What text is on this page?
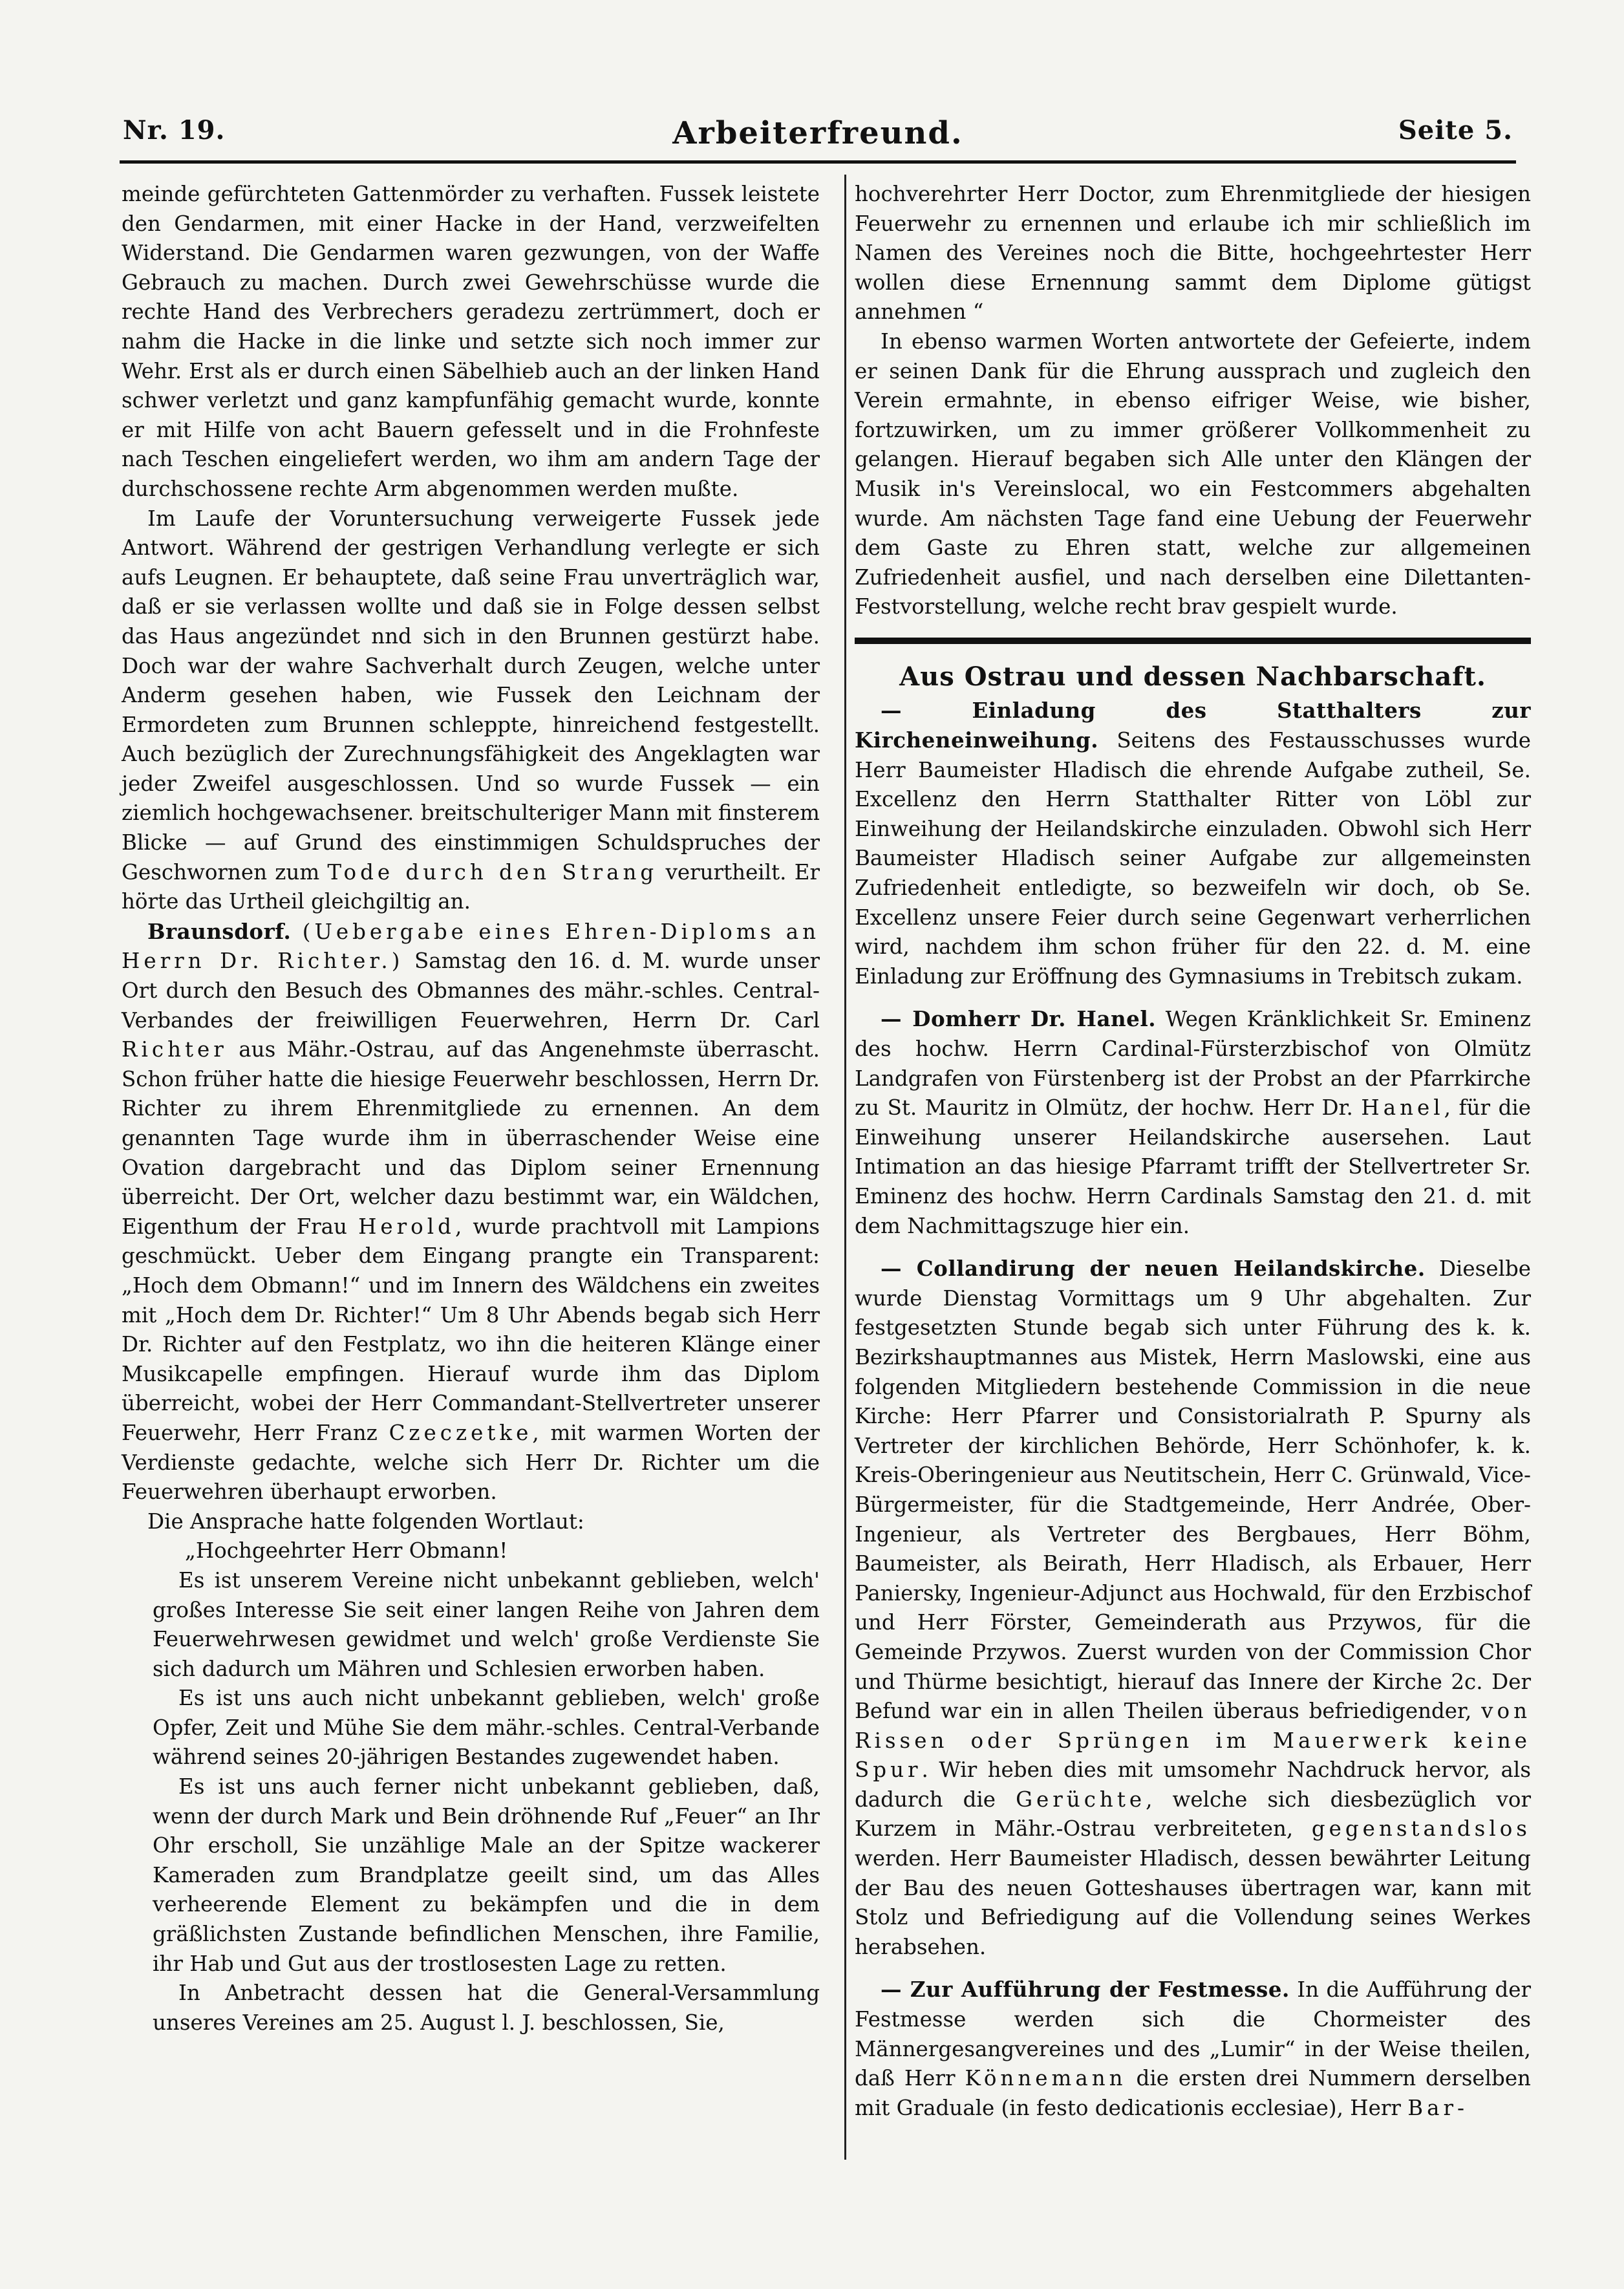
Nr. 19.	Arbeiterfreund.	Seite 5.

meinde gefürchteten Gattenmörder zu verhaften. Fussek leistete den Gendarmen, mit einer Hacke in der Hand, verzweifelten Widerstand. Die Gendarmen waren gezwungen, von der Waffe Gebrauch zu machen. Durch zwei Gewehrschüsse wurde die rechte Hand des Verbrechers geradezu zertrümmert, doch er nahm die Hacke in die linke und setzte sich noch immer zur Wehr. Erst als er durch einen Säbelhieb auch an der linken Hand schwer verletzt und ganz kampfunfähig gemacht wurde, konnte er mit Hilfe von acht Bauern gefesselt und in die Frohnfeste nach Teschen eingeliefert werden, wo ihm am andern Tage der durchschossene rechte Arm abgenommen werden mußte.

Im Laufe der Voruntersuchung verweigerte Fussek jede Antwort. Während der gestrigen Verhandlung verlegte er sich aufs Leugnen. Er behauptete, daß seine Frau unverträglich war, daß er sie verlassen wollte und daß sie in Folge dessen selbst das Haus angezündet nnd sich in den Brunnen gestürzt habe. Doch war der wahre Sachverhalt durch Zeugen, welche unter Anderm gesehen haben, wie Fussek den Leichnam der Ermordeten zum Brunnen schleppte, hinreichend festgestellt. Auch bezüglich der Zurechnungsfähigkeit des Angeklagten war jeder Zweifel ausgeschlossen. Und so wurde Fussek — ein ziemlich hochgewachsener. breitschulteriger Mann mit finsterem Blicke — auf Grund des einstimmigen Schuldspruches der Geschwornen zum Tode durch den Strang verurtheilt. Er hörte das Urtheil gleichgiltig an.

Braunsdorf. (Uebergabe eines Ehren-Diploms an Herrn Dr. Richter.) Samstag den 16. d. M. wurde unser Ort durch den Besuch des Obmannes des mähr.-schles. Central-Verbandes der freiwilligen Feuerwehren, Herrn Dr. Carl Richter aus Mähr.-Ostrau, auf das Angenehmste überrascht. Schon früher hatte die hiesige Feuerwehr beschlossen, Herrn Dr. Richter zu ihrem Ehrenmitgliede zu ernennen. An dem genannten Tage wurde ihm in überraschender Weise eine Ovation dargebracht und das Diplom seiner Ernennung überreicht. Der Ort, welcher dazu bestimmt war, ein Wäldchen, Eigenthum der Frau Herold, wurde prachtvoll mit Lampions geschmückt. Ueber dem Eingang prangte ein Transparent: „Hoch dem Obmann!“ und im Innern des Wäldchens ein zweites mit „Hoch dem Dr. Richter!“ Um 8 Uhr Abends begab sich Herr Dr. Richter auf den Festplatz, wo ihn die heiteren Klänge einer Musikcapelle empfingen. Hierauf wurde ihm das Diplom überreicht, wobei der Herr Commandant-Stellvertreter unserer Feuerwehr, Herr Franz Czeczetke, mit warmen Worten der Verdienste gedachte, welche sich Herr Dr. Richter um die Feuerwehren überhaupt erworben.

Die Ansprache hatte folgenden Wortlaut:

„Hochgeehrter Herr Obmann!

Es ist unserem Vereine nicht unbekannt geblieben, welch' großes Interesse Sie seit einer langen Reihe von Jahren dem Feuerwehrwesen gewidmet und welch' große Verdienste Sie sich dadurch um Mähren und Schlesien erworben haben.

Es ist uns auch nicht unbekannt geblieben, welch' große Opfer, Zeit und Mühe Sie dem mähr.-schles. Central-Verbande während seines 20-jährigen Bestandes zugewendet haben.

Es ist uns auch ferner nicht unbekannt geblieben, daß, wenn der durch Mark und Bein dröhnende Ruf „Feuer“ an Ihr Ohr erscholl, Sie unzählige Male an der Spitze wackerer Kameraden zum Brandplatze geeilt sind, um das Alles verheerende Element zu bekämpfen und die in dem gräßlichsten Zustande befindlichen Menschen, ihre Familie, ihr Hab und Gut aus der trostlosesten Lage zu retten.

In Anbetracht dessen hat die General-Versammlung unseres Vereines am 25. August l. J. beschlossen, Sie,

hochverehrter Herr Doctor, zum Ehrenmitgliede der hiesigen Feuerwehr zu ernennen und erlaube ich mir schließlich im Namen des Vereines noch die Bitte, hochgeehrtester Herr wollen diese Ernennung sammt dem Diplome gütigst annehmen “

In ebenso warmen Worten antwortete der Gefeierte, indem er seinen Dank für die Ehrung aussprach und zugleich den Verein ermahnte, in ebenso eifriger Weise, wie bisher, fortzuwirken, um zu immer größerer Vollkommenheit zu gelangen. Hierauf begaben sich Alle unter den Klängen der Musik in's Vereinslocal, wo ein Festcommers abgehalten wurde. Am nächsten Tage fand eine Uebung der Feuerwehr dem Gaste zu Ehren statt, welche zur allgemeinen Zufriedenheit ausfiel, und nach derselben eine Dilettanten-Festvorstellung, welche recht brav gespielt wurde.

Aus Ostrau und dessen Nachbarschaft.

— Einladung des Statthalters zur Kircheneinweihung. Seitens des Festausschusses wurde Herr Baumeister Hladisch die ehrende Aufgabe zutheil, Se. Excellenz den Herrn Statthalter Ritter von Löbl zur Einweihung der Heilandskirche einzuladen. Obwohl sich Herr Baumeister Hladisch seiner Aufgabe zur allgemeinsten Zufriedenheit entledigte, so bezweifeln wir doch, ob Se. Excellenz unsere Feier durch seine Gegenwart verherrlichen wird, nachdem ihm schon früher für den 22. d. M. eine Einladung zur Eröffnung des Gymnasiums in Trebitsch zukam.

— Domherr Dr. Hanel. Wegen Kränklichkeit Sr. Eminenz des hochw. Herrn Cardinal-Fürsterzbischof von Olmütz Landgrafen von Fürstenberg ist der Probst an der Pfarrkirche zu St. Mauritz in Olmütz, der hochw. Herr Dr. Hanel, für die Einweihung unserer Heilandskirche ausersehen. Laut Intimation an das hiesige Pfarramt trifft der Stellvertreter Sr. Eminenz des hochw. Herrn Cardinals Samstag den 21. d. mit dem Nachmittagszuge hier ein.

— Collandirung der neuen Heilandskirche. Dieselbe wurde Dienstag Vormittags um 9 Uhr abgehalten. Zur festgesetzten Stunde begab sich unter Führung des k. k. Bezirkshauptmannes aus Mistek, Herrn Maslowski, eine aus folgenden Mitgliedern bestehende Commission in die neue Kirche: Herr Pfarrer und Consistorialrath P. Spurny als Vertreter der kirchlichen Behörde, Herr Schönhofer, k. k. Kreis-Oberingenieur aus Neutitschein, Herr C. Grünwald, Vice-Bürgermeister, für die Stadtgemeinde, Herr Andrée, Ober-Ingenieur, als Vertreter des Bergbaues, Herr Böhm, Baumeister, als Beirath, Herr Hladisch, als Erbauer, Herr Paniersky, Ingenieur-Adjunct aus Hochwald, für den Erzbischof und Herr Förster, Gemeinderath aus Przywos, für die Gemeinde Przywos. Zuerst wurden von der Commission Chor und Thürme besichtigt, hierauf das Innere der Kirche 2c. Der Befund war ein in allen Theilen überaus befriedigender, von Rissen oder Sprüngen im Mauerwerk keine Spur. Wir heben dies mit umsomehr Nachdruck hervor, als dadurch die Gerüchte, welche sich diesbezüglich vor Kurzem in Mähr.-Ostrau verbreiteten, gegenstandslos werden. Herr Baumeister Hladisch, dessen bewährter Leitung der Bau des neuen Gotteshauses übertragen war, kann mit Stolz und Befriedigung auf die Vollendung seines Werkes herabsehen.

— Zur Aufführung der Festmesse. In die Aufführung der Festmesse werden sich die Chormeister des Männergesangvereines und des „Lumir“ in der Weise theilen, daß Herr Könnemann die ersten drei Nummern derselben mit Graduale (in festo dedicationis ecclesiae), Herr Bar-
